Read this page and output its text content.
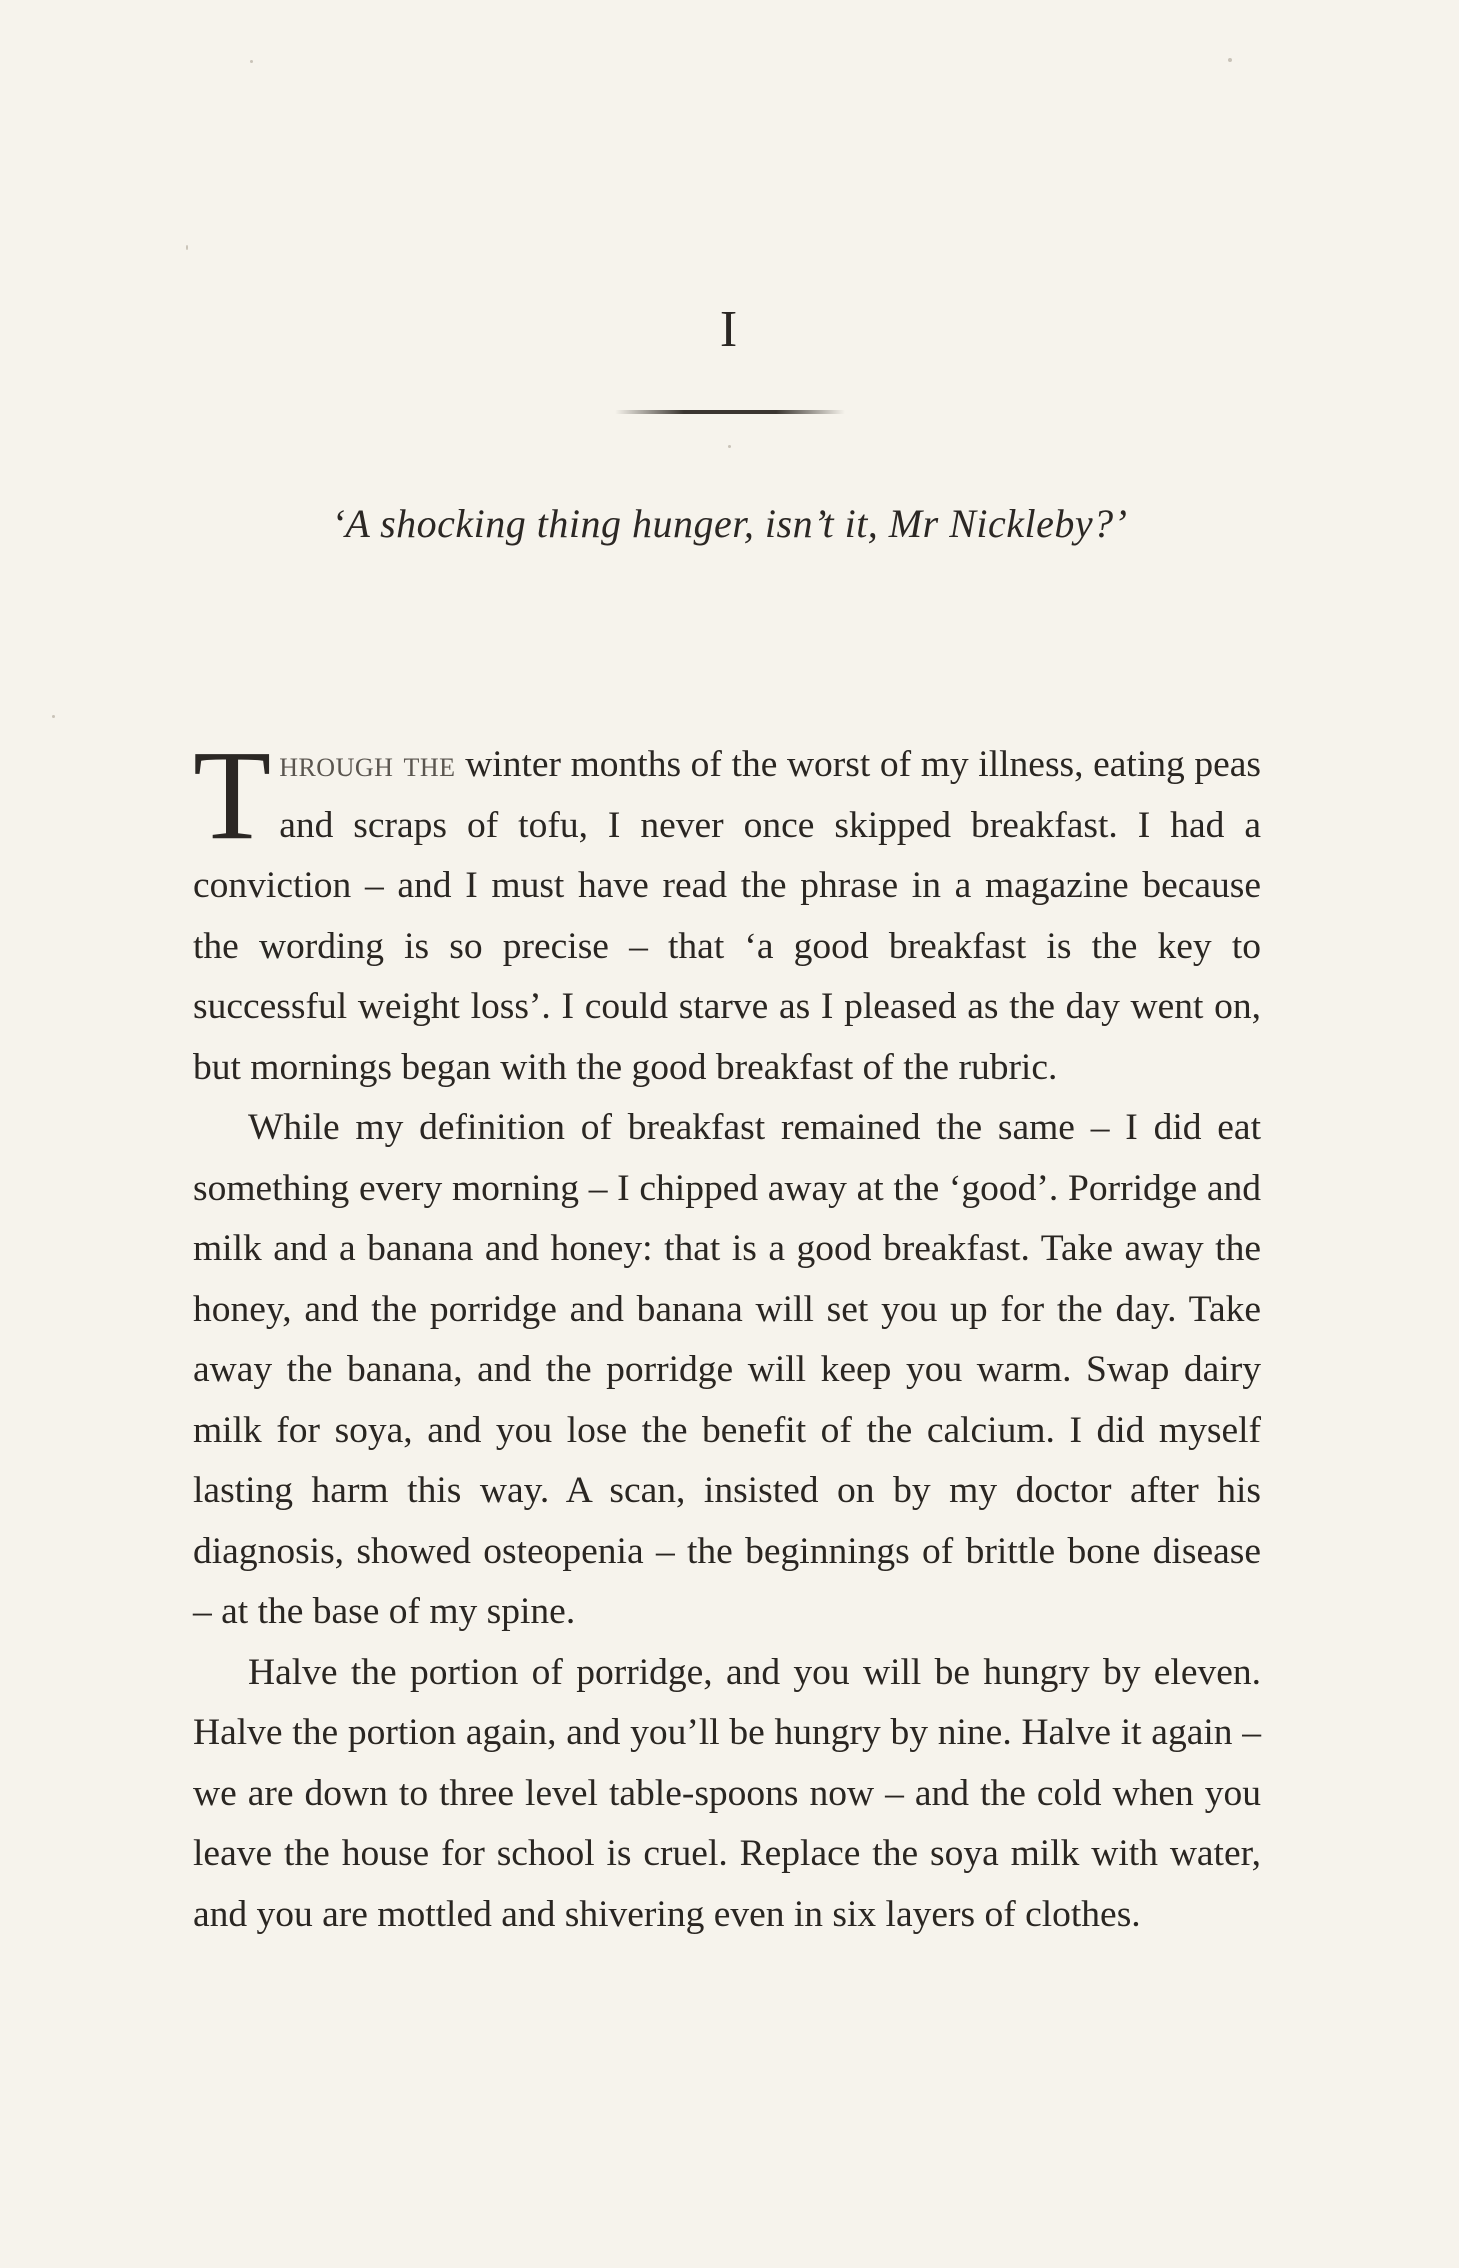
I
‘A shocking thing hunger, isn’t it, Mr Nickleby?’

Through the winter months of the worst of my illness, eating peas and scraps of tofu, I never once skipped breakfast. I had a conviction – and I must have read the phrase in a magazine because the wording is so precise – that ‘a good breakfast is the key to successful weight loss’. I could starve as I pleased as the day went on, but mornings began with the good breakfast of the rubric.

While my definition of breakfast remained the same – I did eat something every morning – I chipped away at the ‘good’. Porridge and milk and a banana and honey: that is a good breakfast. Take away the honey, and the porridge and banana will set you up for the day. Take away the banana, and the porridge will keep you warm. Swap dairy milk for soya, and you lose the benefit of the calcium. I did myself lasting harm this way. A scan, insisted on by my doctor after his diagnosis, showed osteopenia – the beginnings of brittle bone disease – at the base of my spine.

Halve the portion of porridge, and you will be hungry by eleven. Halve the portion again, and you’ll be hungry by nine. Halve it again – we are down to three level table-spoons now – and the cold when you leave the house for school is cruel. Replace the soya milk with water, and you are mottled and shivering even in six layers of clothes.
